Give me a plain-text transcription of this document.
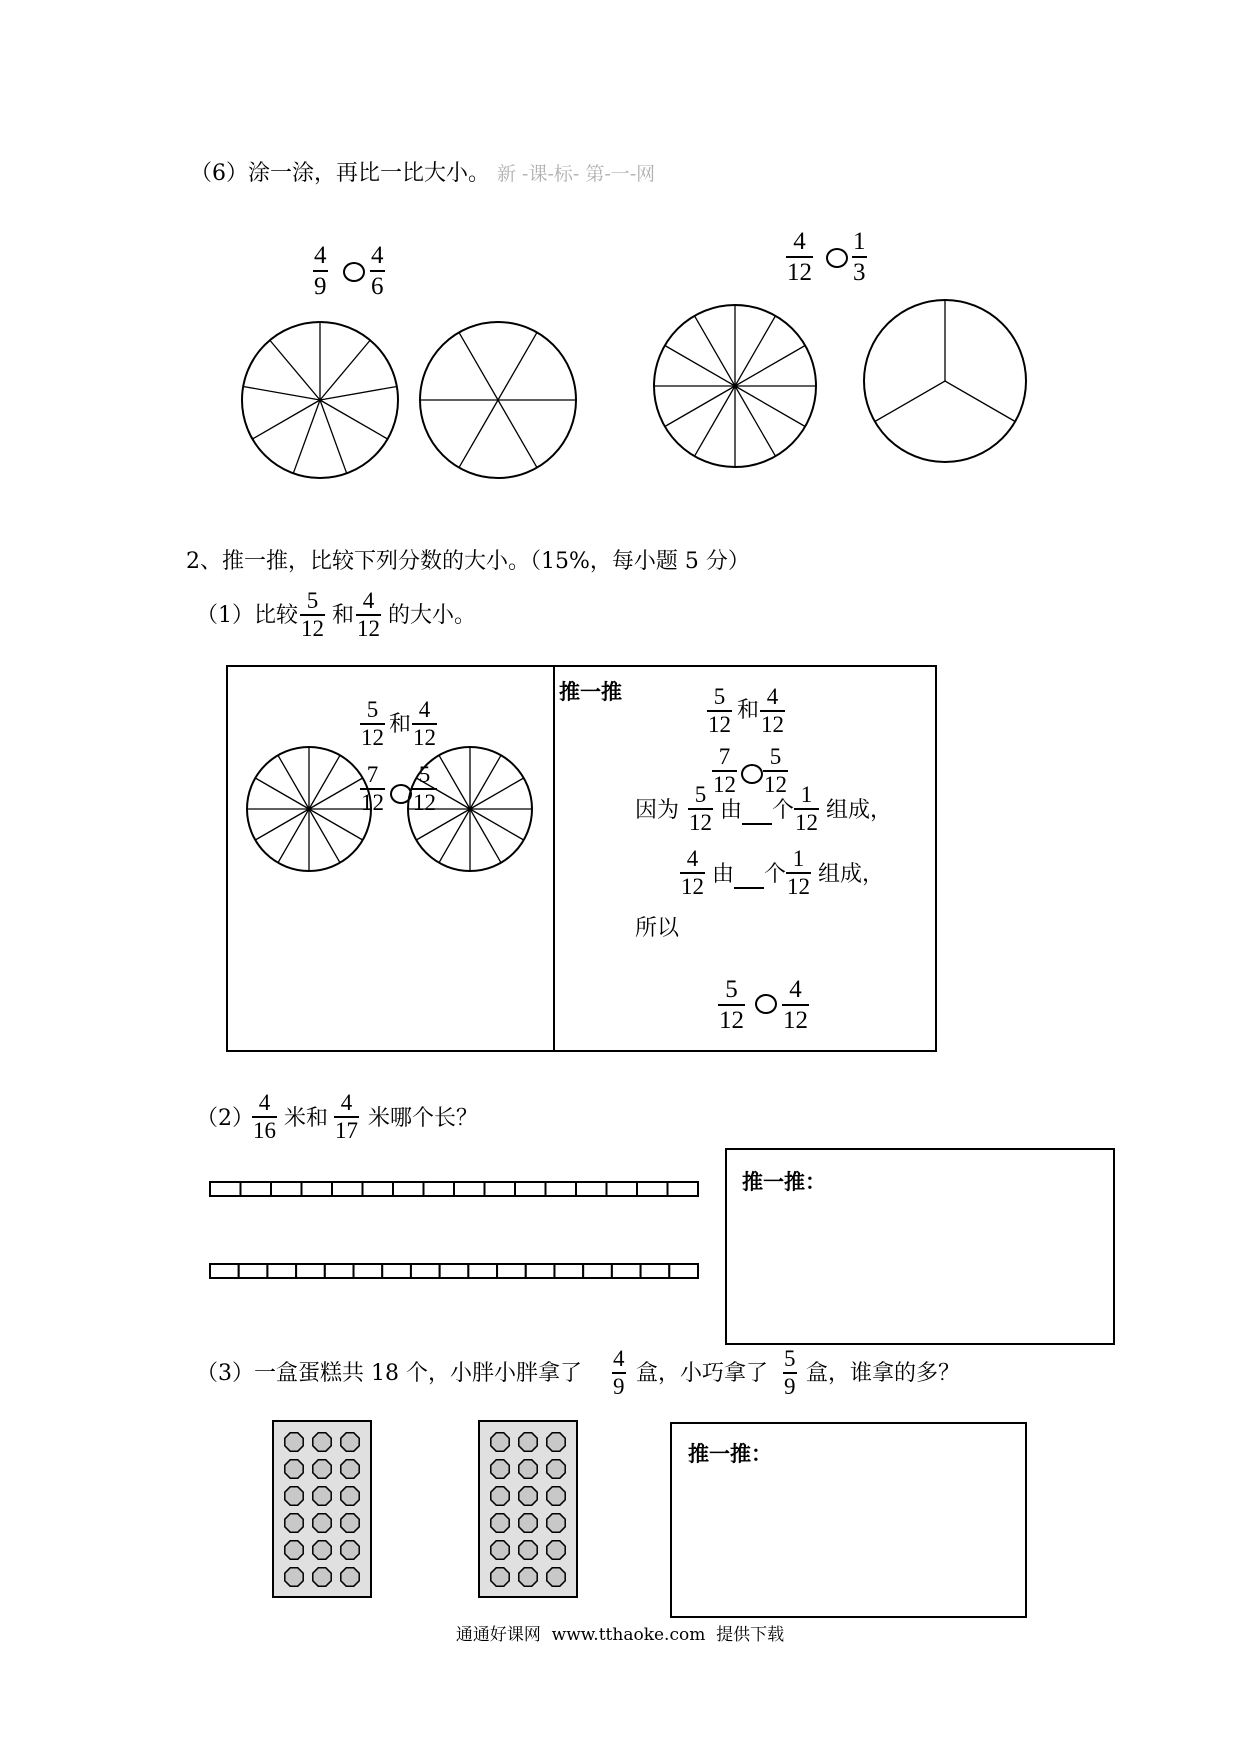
（6）涂一涂，再比一比大小。 新 -课-标- 第-一-网
$\frac{4}{9} \frac{4}{6}$	$\frac{4}{12} \frac{1}{3}$
2、推一推，比较下列分数的大小。（15%，每小题 5 分）
（1）比较 $\frac{5}{12}$ 和 $\frac{4}{12}$ 的大小。
$\frac{5}{12}$ 和 $\frac{4}{12}$
$\frac{7}{12} \frac{5}{12}$
推一推	$\frac{5}{12}$ 和 $\frac{4}{12}$
$\frac{7}{12} \frac{5}{12}$
因为 $\frac{5}{12}$ 由 个 $\frac{1}{12}$ 组成，
$\frac{4}{12}$ 由 个 $\frac{1}{12}$ 组成，
所以
$\frac{5}{12} \frac{4}{12}$
（2）
$\frac{4}{16}$ 米和 $\frac{4}{17}$ 米哪个长？
推一推：
（3）一盒蛋糕共 18 个，小胖小胖拿了 $\frac{4}{9}$ 盒，小巧拿了 $\frac{5}{9}$ 盒，谁拿的多？
推一推：
通通好课网  www.tthaoke.com  提供下载
